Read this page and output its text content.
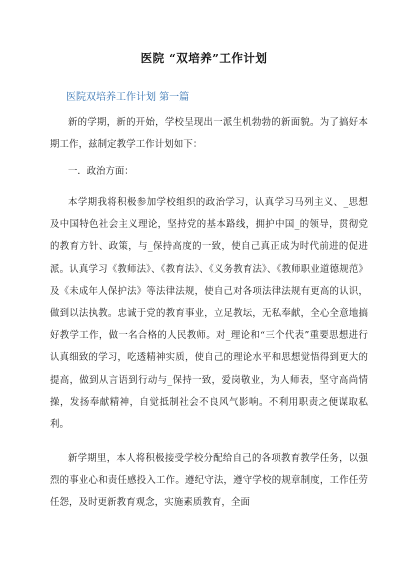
医院 “双培养”工作计划
医院双培养工作计划 第一篇

新的学期，新的开始，学校呈现出一派生机勃勃的新面貌。为了搞好本期工作，兹制定教学工作计划如下：

一．政治方面：

本学期我将积极参加学校组织的政治学习，认真学习马列主义、_思想及中国特色社会主义理论，坚持党的基本路线，拥护中国_的领导，贯彻党的教育方针、政策，与_保持高度的一致，使自己真正成为时代前进的促进派。认真学习《教师法》、《教育法》、《义务教育法》、《教师职业道德规范》及《未成年人保护法》等法律法规，使自己对各项法律法规有更高的认识，做到以法执教。忠诚于党的教育事业，立足教坛，无私奉献，全心全意地搞好教学工作，做一名合格的人民教师。对_理论和“三个代表”重要思想进行认真细致的学习，吃透精神实质，使自己的理论水平和思想觉悟得到更大的提高，做到从言语到行动与_保持一致，爱岗敬业，为人师表，坚守高尚情操，发扬奉献精神，自觉抵制社会不良风气影响。不利用职责之便谋取私利。

新学期里，本人将积极接受学校分配给自己的各项教育教学任务，以强烈的事业心和责任感投入工作。遵纪守法，遵守学校的规章制度，工作任劳任怨，及时更新教育观念，实施素质教育，全面
